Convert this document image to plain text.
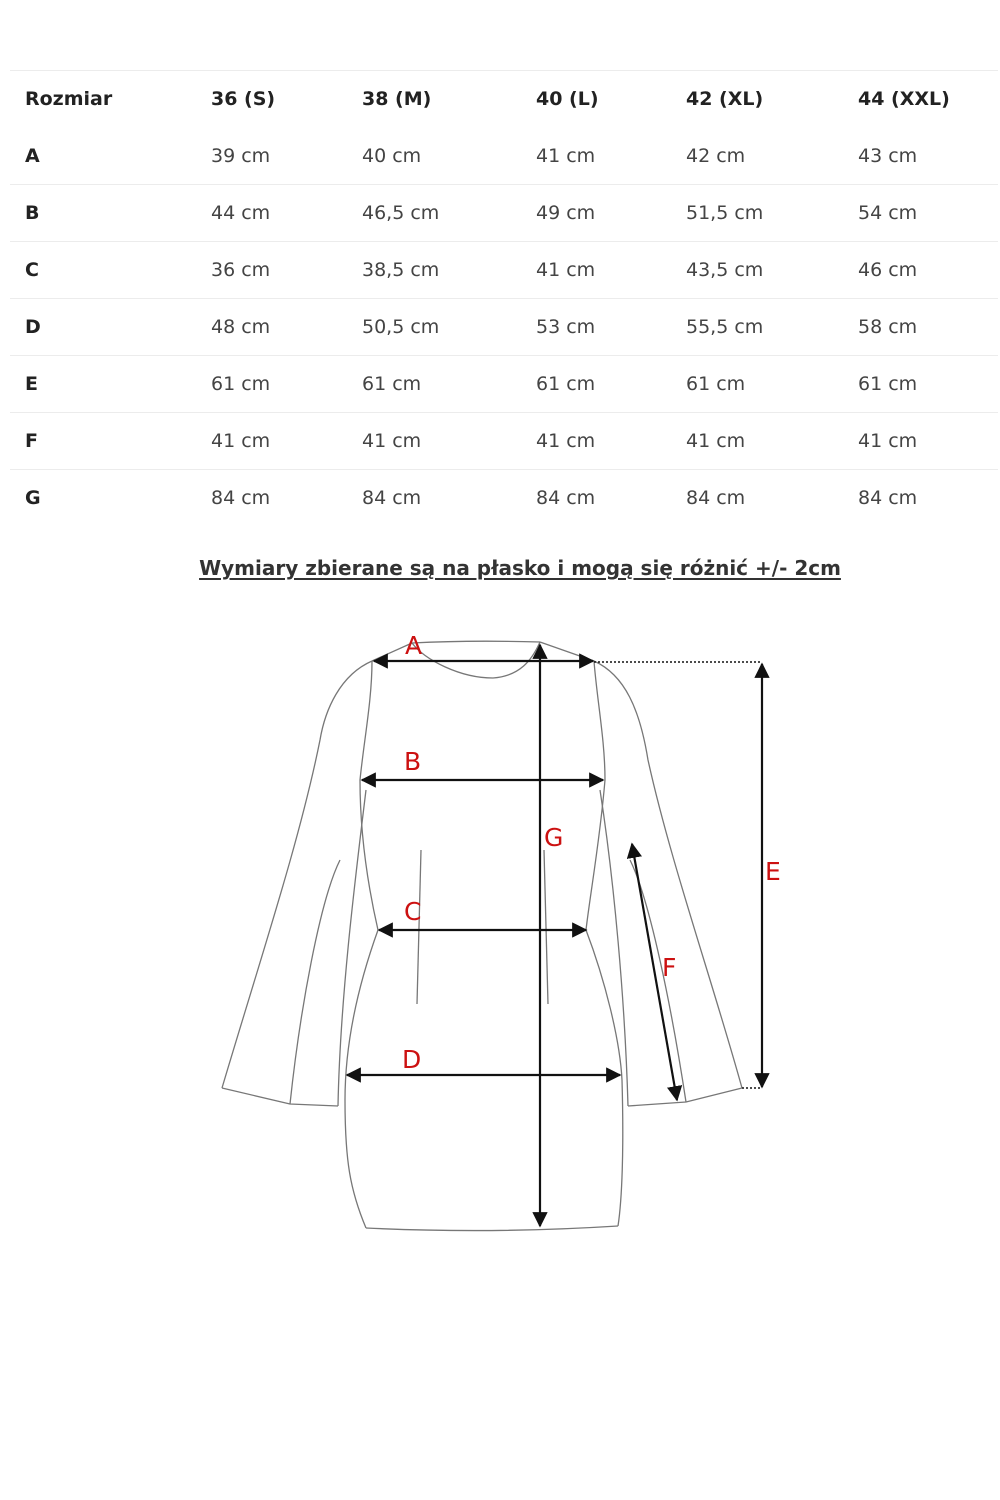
Rozmiar	36 (S)	38 (M)	40 (L)	42 (XL)	44 (XXL)
A	39 cm	40 cm	41 cm	42 cm	43 cm
B	44 cm	46,5 cm	49 cm	51,5 cm	54 cm
C	36 cm	38,5 cm	41 cm	43,5 cm	46 cm
D	48 cm	50,5 cm	53 cm	55,5 cm	58 cm
E	61 cm	61 cm	61 cm	61 cm	61 cm
F	41 cm	41 cm	41 cm	41 cm	41 cm
G	84 cm	84 cm	84 cm	84 cm	84 cm
Wymiary zbierane są na płasko i mogą się różnić +/- 2cm
A
B
C
D
E
F
G
